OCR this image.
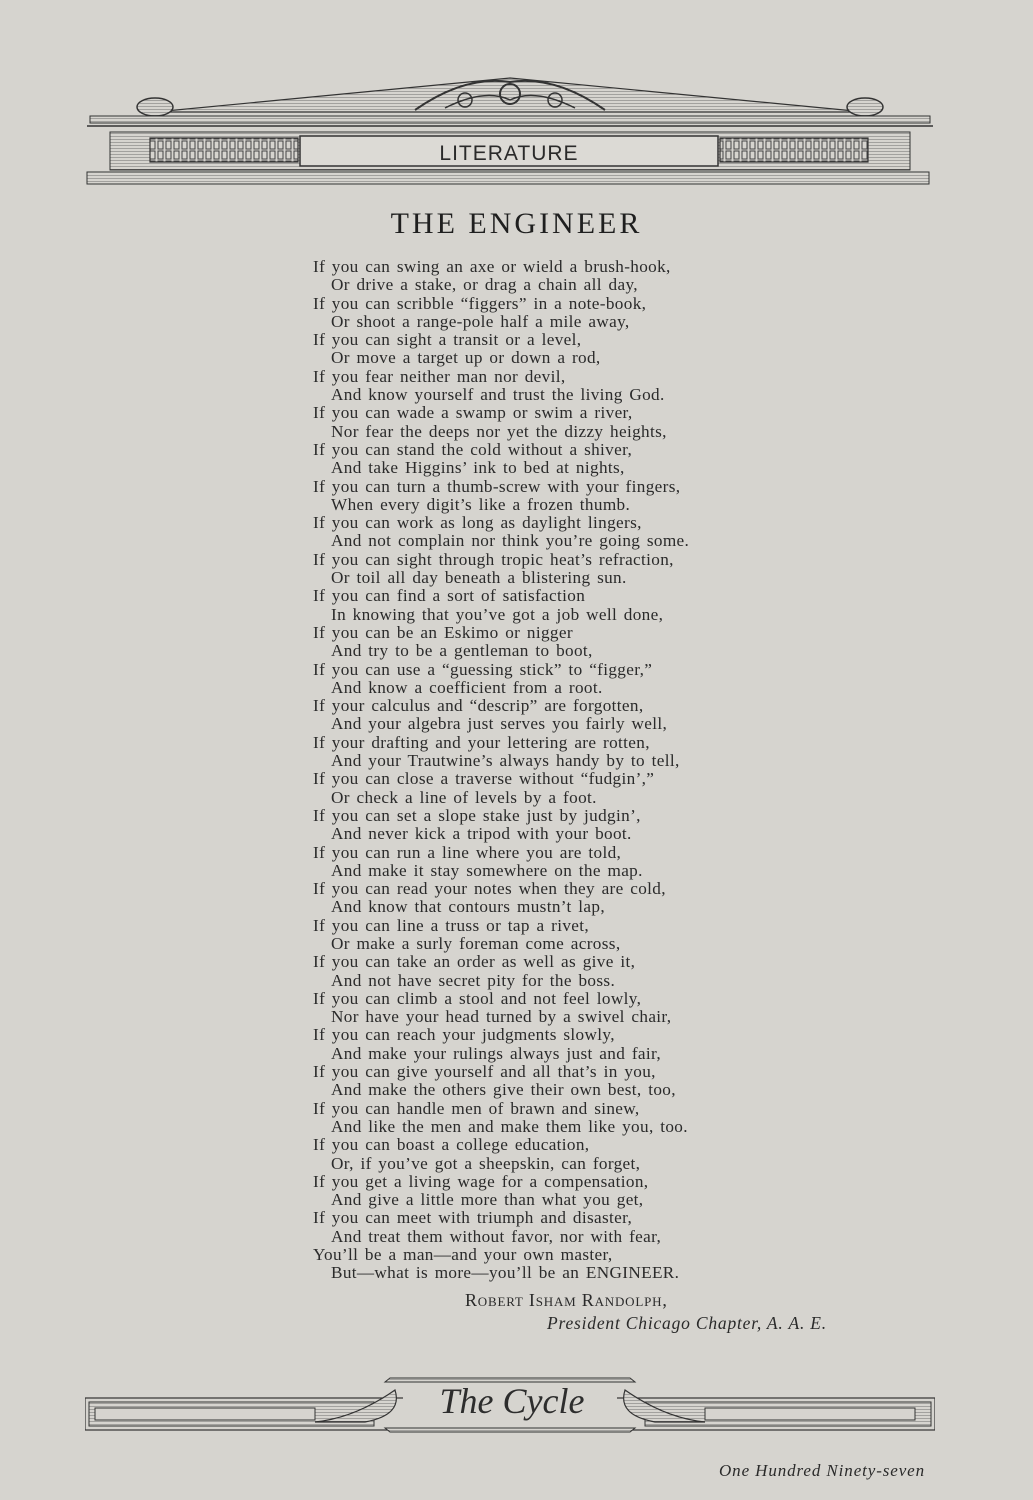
LITERATURE
THE ENGINEER
If you can swing an axe or wield a brush-hook,
Or drive a stake, or drag a chain all day,
If you can scribble “figgers” in a note-book,
Or shoot a range-pole half a mile away,
If you can sight a transit or a level,
Or move a target up or down a rod,
If you fear neither man nor devil,
And know yourself and trust the living God.
If you can wade a swamp or swim a river,
Nor fear the deeps nor yet the dizzy heights,
If you can stand the cold without a shiver,
And take Higgins’ ink to bed at nights,
If you can turn a thumb-screw with your fingers,
When every digit’s like a frozen thumb.
If you can work as long as daylight lingers,
And not complain nor think you’re going some.
If you can sight through tropic heat’s refraction,
Or toil all day beneath a blistering sun.
If you can find a sort of satisfaction
In knowing that you’ve got a job well done,
If you can be an Eskimo or nigger
And try to be a gentleman to boot,
If you can use a “guessing stick” to “figger,”
And know a coefficient from a root.
If your calculus and “descrip” are forgotten,
And your algebra just serves you fairly well,
If your drafting and your lettering are rotten,
And your Trautwine’s always handy by to tell,
If you can close a traverse without “fudgin’,”
Or check a line of levels by a foot.
If you can set a slope stake just by judgin’,
And never kick a tripod with your boot.
If you can run a line where you are told,
And make it stay somewhere on the map.
If you can read your notes when they are cold,
And know that contours mustn’t lap,
If you can line a truss or tap a rivet,
Or make a surly foreman come across,
If you can take an order as well as give it,
And not have secret pity for the boss.
If you can climb a stool and not feel lowly,
Nor have your head turned by a swivel chair,
If you can reach your judgments slowly,
And make your rulings always just and fair,
If you can give yourself and all that’s in you,
And make the others give their own best, too,
If you can handle men of brawn and sinew,
And like the men and make them like you, too.
If you can boast a college education,
Or, if you’ve got a sheepskin, can forget,
If you get a living wage for a compensation,
And give a little more than what you get,
If you can meet with triumph and disaster,
And treat them without favor, nor with fear,
You’ll be a man—and your own master,
But—what is more—you’ll be an ENGINEER.
Robert Isham Randolph,
President Chicago Chapter, A. A. E.
The Cycle
One Hundred Ninety-seven
